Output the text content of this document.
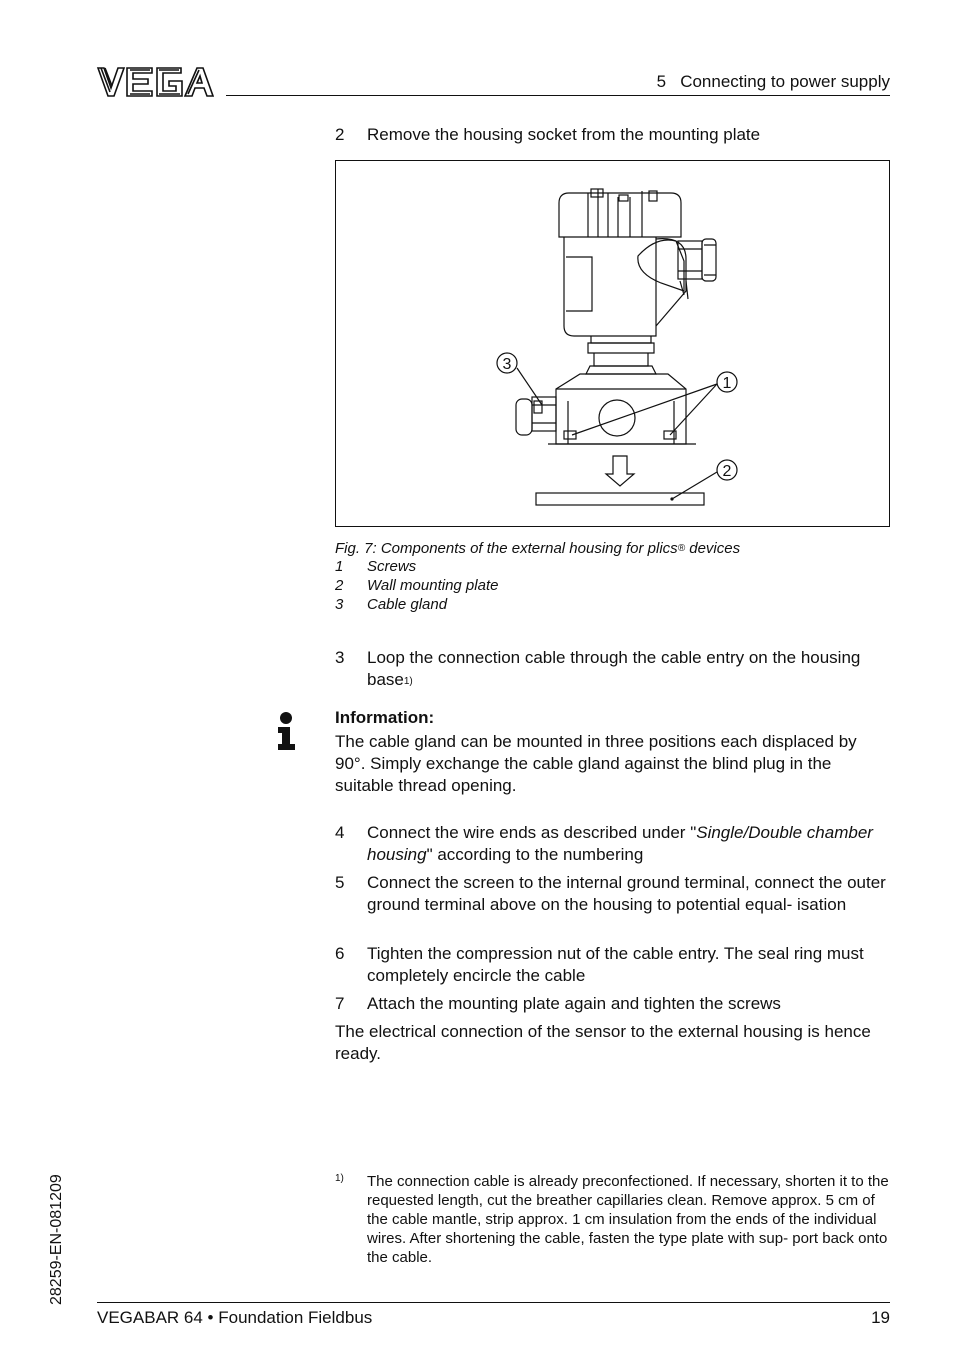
5   Connecting to power supply
2 Remove the housing socket from the mounting plate
1
2
3
Fig. 7: Components of the external housing for plics® devices
1 Screws
2 Wall mounting plate
3 Cable gland
3 Loop the connection cable through the cable entry on the housing base$^{1)}$
Information:
The cable gland can be mounted in three positions each displaced by 90°. Simply exchange the cable gland against the blind plug in the suitable thread opening.
4 Connect the wire ends as described under "Single/Double chamber housing" according to the numbering
5 Connect the screen to the internal ground terminal, connect the outer ground terminal above on the housing to potential equal- isation
6 Tighten the compression nut of the cable entry. The seal ring must completely encircle the cable
7 Attach the mounting plate again and tighten the screws
The electrical connection of the sensor to the external housing is hence ready.
1) The connection cable is already preconfectioned. If necessary, shorten it to the requested length, cut the breather capillaries clean. Remove approx. 5 cm of the cable mantle, strip approx. 1 cm insulation from the ends of the individual wires. After shortening the cable, fasten the type plate with sup- port back onto the cable.
28259-EN-081209
VEGABAR 64 • Foundation Fieldbus	19
